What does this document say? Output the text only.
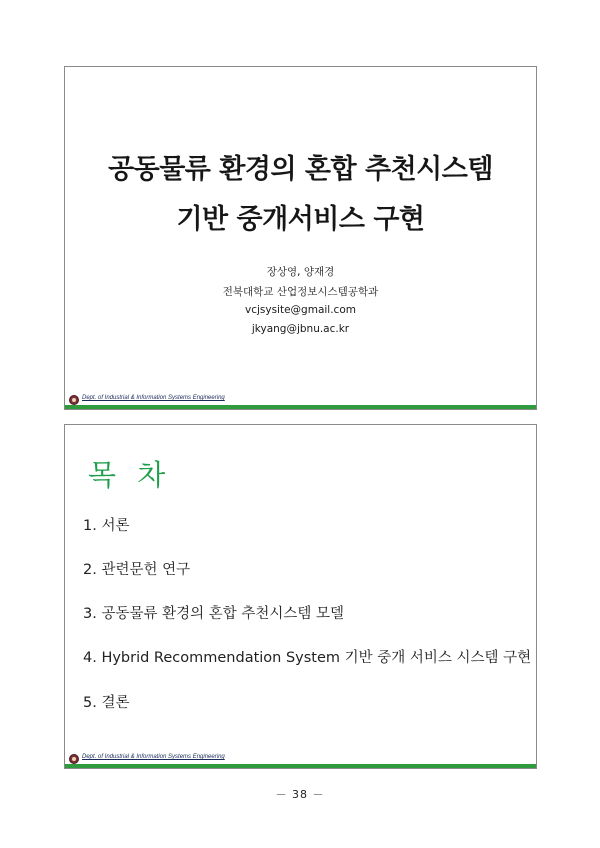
공동물류 환경의 혼합 추천시스템
기반 중개서비스 구현
장상영, 양재경
전북대학교 산업정보시스템공학과
vcjsysite@gmail.com
jkyang@jbnu.ac.kr
Dept. of Industrial & Information Systems Engineering
목 차
1. 서론
2. 관련문헌 연구
3. 공동물류 환경의 혼합 추천시스템 모델
4. Hybrid Recommendation System 기반 중개 서비스 시스템 구현
5. 결론
Dept. of Industrial & Information Systems Engineering
－ 38 －
